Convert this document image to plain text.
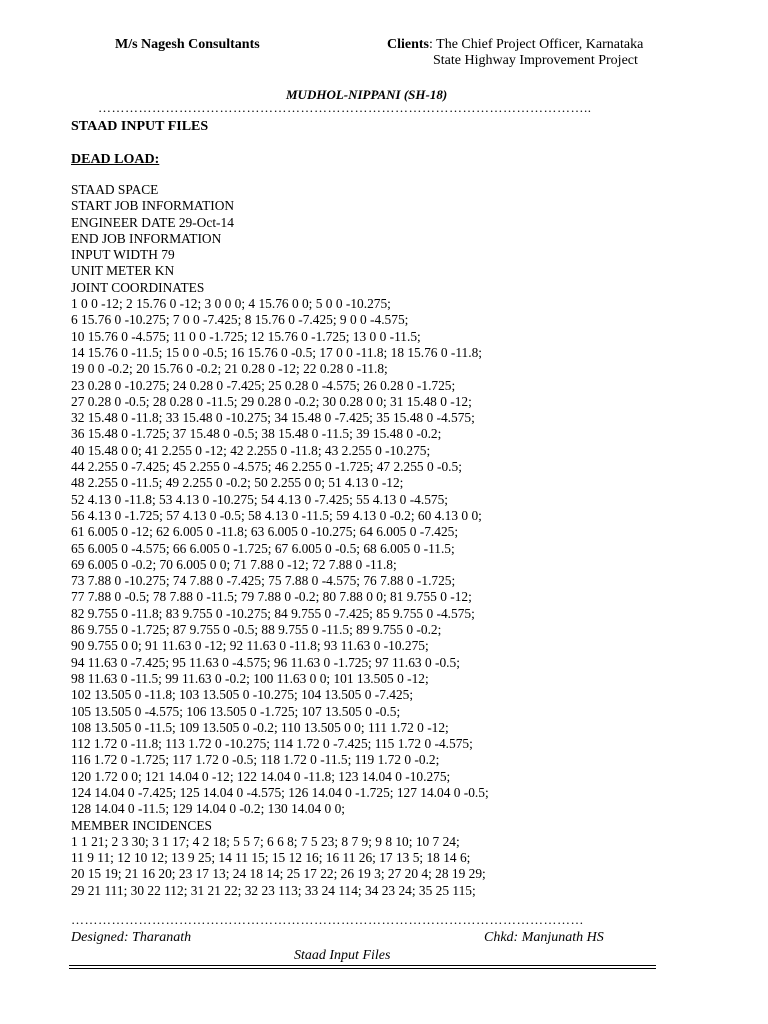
M/s Nagesh Consultants	Clients: The Chief Project Officer, Karnataka
State Highway Improvement Project
MUDHOL-NIPPANI (SH-18)
………………………………………………………………………………………………..
STAAD INPUT FILES
DEAD LOAD:
STAAD SPACE
START JOB INFORMATION
ENGINEER DATE 29-Oct-14
END JOB INFORMATION
INPUT WIDTH 79
UNIT METER KN
JOINT COORDINATES
1 0 0 -12; 2 15.76 0 -12; 3 0 0 0; 4 15.76 0 0; 5 0 0 -10.275;
6 15.76 0 -10.275; 7 0 0 -7.425; 8 15.76 0 -7.425; 9 0 0 -4.575;
10 15.76 0 -4.575; 11 0 0 -1.725; 12 15.76 0 -1.725; 13 0 0 -11.5;
14 15.76 0 -11.5; 15 0 0 -0.5; 16 15.76 0 -0.5; 17 0 0 -11.8; 18 15.76 0 -11.8;
19 0 0 -0.2; 20 15.76 0 -0.2; 21 0.28 0 -12; 22 0.28 0 -11.8;
23 0.28 0 -10.275; 24 0.28 0 -7.425; 25 0.28 0 -4.575; 26 0.28 0 -1.725;
27 0.28 0 -0.5; 28 0.28 0 -11.5; 29 0.28 0 -0.2; 30 0.28 0 0; 31 15.48 0 -12;
32 15.48 0 -11.8; 33 15.48 0 -10.275; 34 15.48 0 -7.425; 35 15.48 0 -4.575;
36 15.48 0 -1.725; 37 15.48 0 -0.5; 38 15.48 0 -11.5; 39 15.48 0 -0.2;
40 15.48 0 0; 41 2.255 0 -12; 42 2.255 0 -11.8; 43 2.255 0 -10.275;
44 2.255 0 -7.425; 45 2.255 0 -4.575; 46 2.255 0 -1.725; 47 2.255 0 -0.5;
48 2.255 0 -11.5; 49 2.255 0 -0.2; 50 2.255 0 0; 51 4.13 0 -12;
52 4.13 0 -11.8; 53 4.13 0 -10.275; 54 4.13 0 -7.425; 55 4.13 0 -4.575;
56 4.13 0 -1.725; 57 4.13 0 -0.5; 58 4.13 0 -11.5; 59 4.13 0 -0.2; 60 4.13 0 0;
61 6.005 0 -12; 62 6.005 0 -11.8; 63 6.005 0 -10.275; 64 6.005 0 -7.425;
65 6.005 0 -4.575; 66 6.005 0 -1.725; 67 6.005 0 -0.5; 68 6.005 0 -11.5;
69 6.005 0 -0.2; 70 6.005 0 0; 71 7.88 0 -12; 72 7.88 0 -11.8;
73 7.88 0 -10.275; 74 7.88 0 -7.425; 75 7.88 0 -4.575; 76 7.88 0 -1.725;
77 7.88 0 -0.5; 78 7.88 0 -11.5; 79 7.88 0 -0.2; 80 7.88 0 0; 81 9.755 0 -12;
82 9.755 0 -11.8; 83 9.755 0 -10.275; 84 9.755 0 -7.425; 85 9.755 0 -4.575;
86 9.755 0 -1.725; 87 9.755 0 -0.5; 88 9.755 0 -11.5; 89 9.755 0 -0.2;
90 9.755 0 0; 91 11.63 0 -12; 92 11.63 0 -11.8; 93 11.63 0 -10.275;
94 11.63 0 -7.425; 95 11.63 0 -4.575; 96 11.63 0 -1.725; 97 11.63 0 -0.5;
98 11.63 0 -11.5; 99 11.63 0 -0.2; 100 11.63 0 0; 101 13.505 0 -12;
102 13.505 0 -11.8; 103 13.505 0 -10.275; 104 13.505 0 -7.425;
105 13.505 0 -4.575; 106 13.505 0 -1.725; 107 13.505 0 -0.5;
108 13.505 0 -11.5; 109 13.505 0 -0.2; 110 13.505 0 0; 111 1.72 0 -12;
112 1.72 0 -11.8; 113 1.72 0 -10.275; 114 1.72 0 -7.425; 115 1.72 0 -4.575;
116 1.72 0 -1.725; 117 1.72 0 -0.5; 118 1.72 0 -11.5; 119 1.72 0 -0.2;
120 1.72 0 0; 121 14.04 0 -12; 122 14.04 0 -11.8; 123 14.04 0 -10.275;
124 14.04 0 -7.425; 125 14.04 0 -4.575; 126 14.04 0 -1.725; 127 14.04 0 -0.5;
128 14.04 0 -11.5; 129 14.04 0 -0.2; 130 14.04 0 0;
MEMBER INCIDENCES
1 1 21; 2 3 30; 3 1 17; 4 2 18; 5 5 7; 6 6 8; 7 5 23; 8 7 9; 9 8 10; 10 7 24;
11 9 11; 12 10 12; 13 9 25; 14 11 15; 15 12 16; 16 11 26; 17 13 5; 18 14 6;
20 15 19; 21 16 20; 23 17 13; 24 18 14; 25 17 22; 26 19 3; 27 20 4; 28 19 29;
29 21 111; 30 22 112; 31 21 22; 32 23 113; 33 24 114; 34 23 24; 35 25 115;
……………………………………………………………………………………………………
Designed: Tharanath	Chkd: Manjunath HS
Staad Input Files
